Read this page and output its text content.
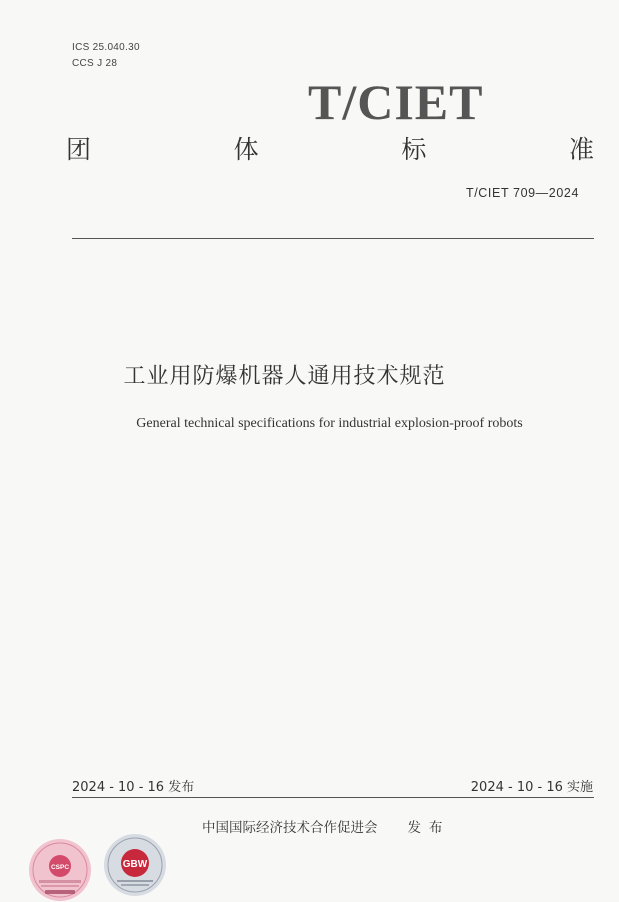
ICS 25.040.30
CCS J 28
T/CIET
团	体	标	准
T/CIET 709—2024
工业用防爆机器人通用技术规范
General technical specifications for industrial explosion-proof robots
2024 - 10 - 16 发布	2024 - 10 - 16 实施
中国国际经济技术合作促进会 发布
CSPC	GBW
